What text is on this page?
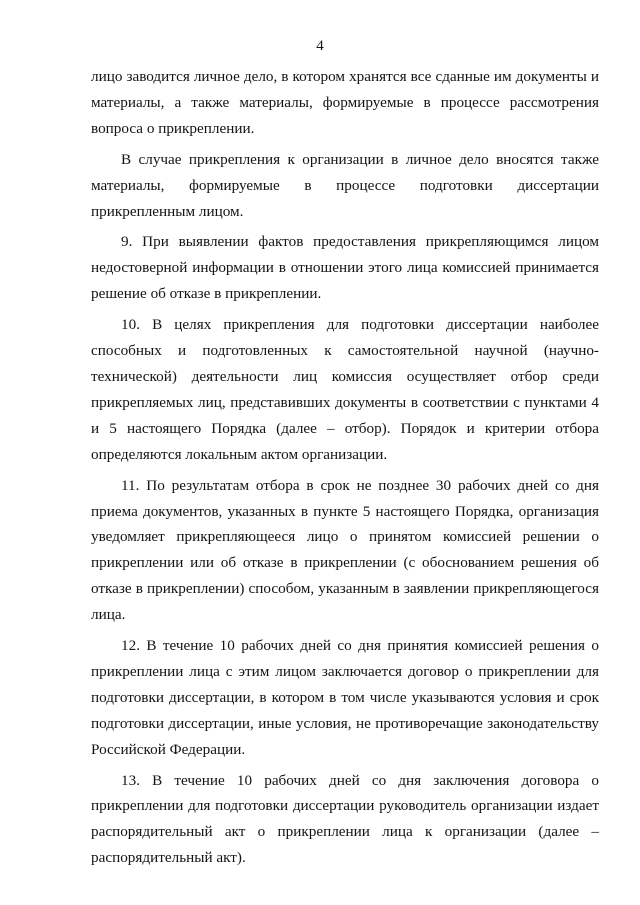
4

лицо заводится личное дело, в котором хранятся все сданные им документы и материалы, а также материалы, формируемые в процессе рассмотрения вопроса о прикреплении.

В случае прикрепления к организации в личное дело вносятся также материалы, формируемые в процессе подготовки диссертации прикрепленным лицом.

9. При выявлении фактов предоставления прикрепляющимся лицом недостоверной информации в отношении этого лица комиссией принимается решение об отказе в прикреплении.

10. В целях прикрепления для подготовки диссертации наиболее способных и подготовленных к самостоятельной научной (научно-технической) деятельности лиц комиссия осуществляет отбор среди прикрепляемых лиц, представивших документы в соответствии с пунктами 4 и 5 настоящего Порядка (далее – отбор). Порядок и критерии отбора определяются локальным актом организации.

11. По результатам отбора в срок не позднее 30 рабочих дней со дня приема документов, указанных в пункте 5 настоящего Порядка, организация уведомляет прикрепляющееся лицо о принятом комиссией решении о прикреплении или об отказе в прикреплении (с обоснованием решения об отказе в прикреплении) способом, указанным в заявлении прикрепляющегося лица.

12. В течение 10 рабочих дней со дня принятия комиссией решения о прикреплении лица с этим лицом заключается договор о прикреплении для подготовки диссертации, в котором в том числе указываются условия и срок подготовки диссертации, иные условия, не противоречащие законодательству Российской Федерации.

13. В течение 10 рабочих дней со дня заключения договора о прикреплении для подготовки диссертации руководитель организации издает распорядительный акт о прикреплении лица к организации (далее – распорядительный акт).
